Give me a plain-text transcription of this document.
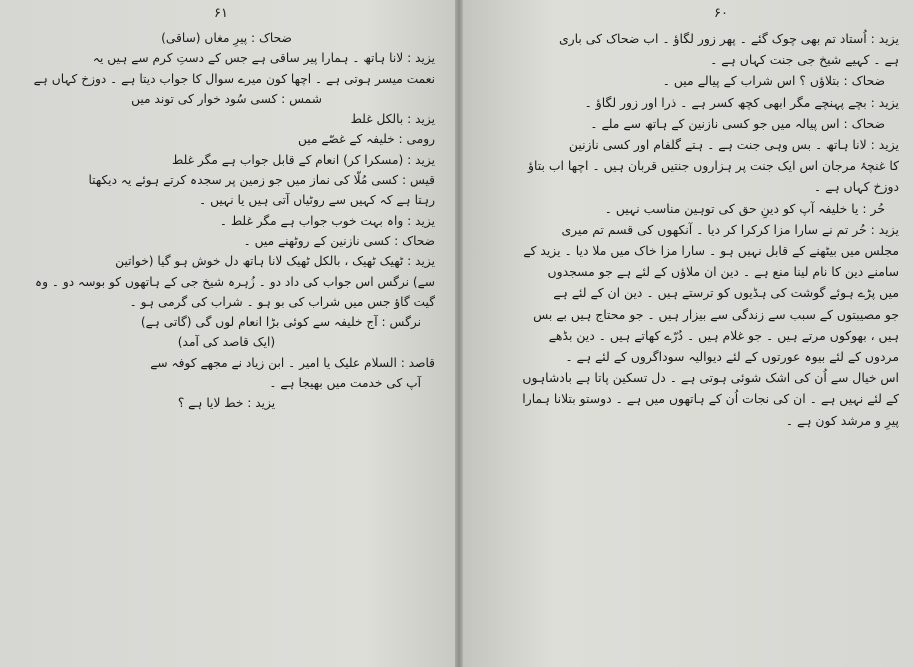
۶۱
ضحاک : پیرِ مغاں (ساقی)
یزید : لانا ہاتھ ۔ ہمارا پیر ساقی ہے جس کے دستِ کرم سے ہیں یہ
نعمت میسر ہوتی ہے ۔ اچھا کون میرے سوال کا جواب دیتا ہے ۔ دوزخ کہاں ہے
شمس : کسی سُود خوار کی توند میں
یزید : بالکل غلط
رومی : خلیفہ کے غصّے میں
یزید : (مسکرا کر) انعام کے قابل جواب ہے مگر غلط
قیس : کسی مُلّا کی نماز میں جو زمین پر سجدہ کرتے ہوئے یہ دیکھتا
رہتا ہے کہ کہیں سے روٹیاں آتی ہیں یا نہیں ۔
یزید : واہ بہت خوب جواب ہے مگر غلط ۔
ضحاک : کسی نازنین کے روٹھنے میں ۔
یزید : ٹھیک ٹھیک ، بالکل ٹھیک لانا ہاتھ دل خوش ہو گیا (خواتین
سے) نرگس اس جواب کی داد دو ۔ زُہرہ شیخ جی کے ہاتھوں کو بوسہ دو ۔ وہ
گیت گاؤ جس میں شراب کی بو ہو ۔ شراب کی گرمی ہو ۔
نرگس : آج خلیفہ سے کوئی بڑا انعام لوں گی (گاتی ہے)
(ایک قاصد کی آمد)
قاصد : السلام علیک یا امیر ۔ ابن زیاد نے مجھے کوفہ سے
آپ کی خدمت میں بھیجا ہے ۔
یزید : خط لایا ہے ؟
۶۰
یزید : اُستاد تم بھی چوک گئے ۔ پھر زور لگاؤ ۔ اب ضحاک کی باری
ہے ۔ کہیے شیخ جی جنت کہاں ہے ۔
ضحاک : بتلاؤں ؟ اس شراب کے پیالے میں ۔
یزید : بچے پہنچے مگر ابھی کچھ کسر ہے ۔ ذرا اور زور لگاؤ ۔
ضحاک : اس پیالہ میں جو کسی نازنین کے ہاتھ سے ملے ۔
یزید : لانا ہاتھ ۔ بس وہی جنت ہے ۔ ہتے گلفام اور کسی نازنین
کا غنچۂ مرجان اس ایک جنت پر ہزاروں جنتیں قربان ہیں ۔ اچھا اب بتاؤ
دوزخ کہاں ہے ۔
حُر : یا خلیفہ آپ کو دینِ حق کی توہین مناسب نہیں ۔
یزید : حُر تم نے سارا مزا کرکرا کر دیا ۔ آنکھوں کی قسم تم میری
مجلس میں بیٹھنے کے قابل نہیں ہو ۔ سارا مزا خاک میں ملا دیا ۔ یزید کے
سامنے دین کا نام لینا منع ہے ۔ دین ان ملاؤں کے لئے ہے جو مسجدوں
میں پڑے ہوئے گوشت کی ہڈیوں کو ترستے ہیں ۔ دین ان کے لئے ہے
جو مصیبتوں کے سبب سے زندگی سے بیزار ہیں ۔ جو محتاج ہیں بے بس
ہیں ، بھوکوں مرتے ہیں ۔ جو غلام ہیں ۔ دُرّے کھاتے ہیں ۔ دین بڈھے
مردوں کے لئے بیوہ عورتوں کے لئے دیوالیہ سوداگروں کے لئے ہے ۔
اس خیال سے اُن کی اشک شوئی ہوتی ہے ۔ دل تسکین پاتا ہے بادشاہوں
کے لئے نہیں ہے ۔ ان کی نجات اُن کے ہاتھوں میں ہے ۔ دوستو بتلانا ہمارا
پیرِ و مرشد کون ہے ۔
